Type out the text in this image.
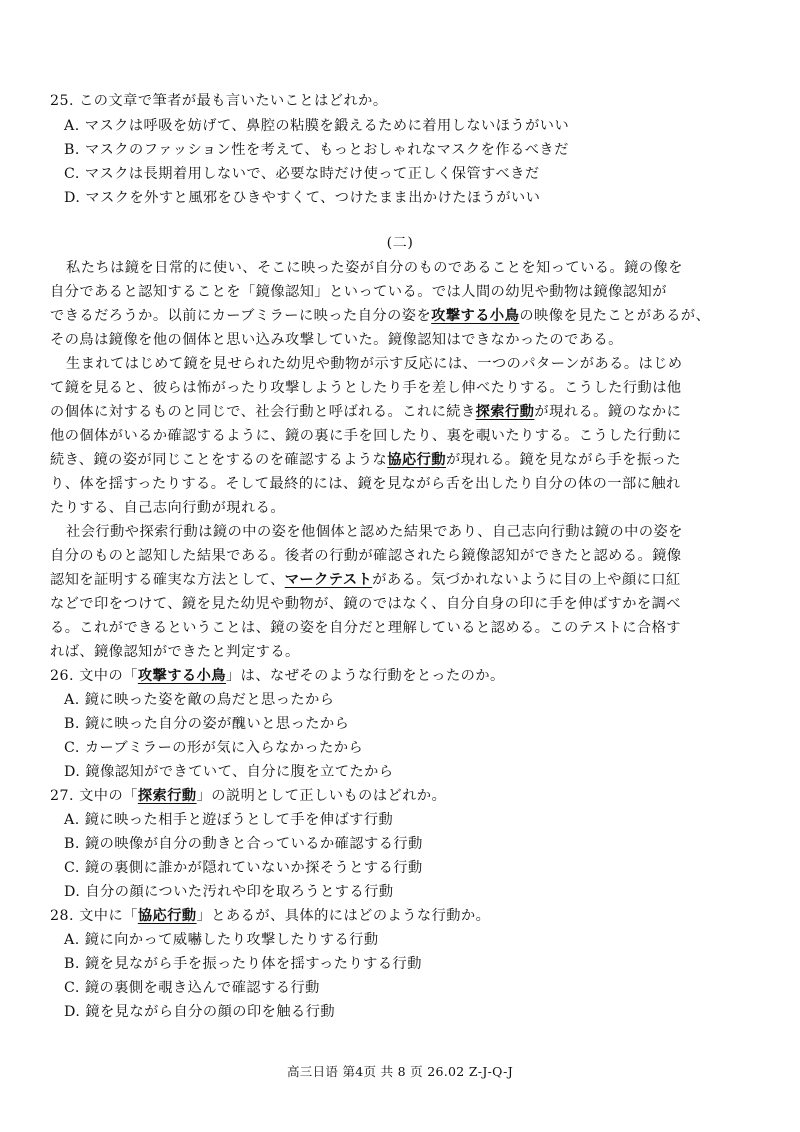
25. この文章で筆者が最も言いたいことはどれか。
A. マスクは呼吸を妨げて、鼻腔の粘膜を鍛えるために着用しないほうがいい
B. マスクのファッション性を考えて、もっとおしゃれなマスクを作るべきだ
C. マスクは長期着用しないで、必要な時だけ使って正しく保管すべきだ
D. マスクを外すと風邪をひきやすくて、つけたまま出かけたほうがいい
(二)
私たちは鏡を日常的に使い、そこに映った姿が自分のものであることを知っている。鏡の像を
自分であると認知することを「鏡像認知」といっている。では人間の幼児や動物は鏡像認知が
できるだろうか。以前にカーブミラーに映った自分の姿を攻撃する小鳥の映像を見たことがあるが、
その鳥は鏡像を他の個体と思い込み攻撃していた。鏡像認知はできなかったのである。
生まれてはじめて鏡を見せられた幼児や動物が示す反応には、一つのパターンがある。はじめ
て鏡を見ると、彼らは怖がったり攻撃しようとしたり手を差し伸べたりする。こうした行動は他
の個体に対するものと同じで、社会行動と呼ばれる。これに続き探索行動が現れる。鏡のなかに
他の個体がいるか確認するように、鏡の裏に手を回したり、裏を覗いたりする。こうした行動に
続き、鏡の姿が同じことをするのを確認するような協応行動が現れる。鏡を見ながら手を振った
り、体を揺すったりする。そして最終的には、鏡を見ながら舌を出したり自分の体の一部に触れ
たりする、自己志向行動が現れる。
社会行動や探索行動は鏡の中の姿を他個体と認めた結果であり、自己志向行動は鏡の中の姿を
自分のものと認知した結果である。後者の行動が確認されたら鏡像認知ができたと認める。鏡像
認知を証明する確実な方法として、マークテストがある。気づかれないように目の上や顔に口紅
などで印をつけて、鏡を見た幼児や動物が、鏡のではなく、自分自身の印に手を伸ばすかを調べ
る。これができるということは、鏡の姿を自分だと理解していると認める。このテストに合格す
れば、鏡像認知ができたと判定する。
26. 文中の「攻撃する小鳥」は、なぜそのような行動をとったのか。
A. 鏡に映った姿を敵の鳥だと思ったから
B. 鏡に映った自分の姿が醜いと思ったから
C. カーブミラーの形が気に入らなかったから
D. 鏡像認知ができていて、自分に腹を立てたから
27. 文中の「探索行動」の説明として正しいものはどれか。
A. 鏡に映った相手と遊ぼうとして手を伸ばす行動
B. 鏡の映像が自分の動きと合っているか確認する行動
C. 鏡の裏側に誰かが隠れていないか探そうとする行動
D. 自分の顔についた汚れや印を取ろうとする行動
28. 文中に「協応行動」とあるが、具体的にはどのような行動か。
A. 鏡に向かって威嚇したり攻撃したりする行動
B. 鏡を見ながら手を振ったり体を揺すったりする行動
C. 鏡の裏側を覗き込んで確認する行動
D. 鏡を見ながら自分の顔の印を触る行動
高三日语 第4页 共 8 页 26.02 Z-J-Q-J
